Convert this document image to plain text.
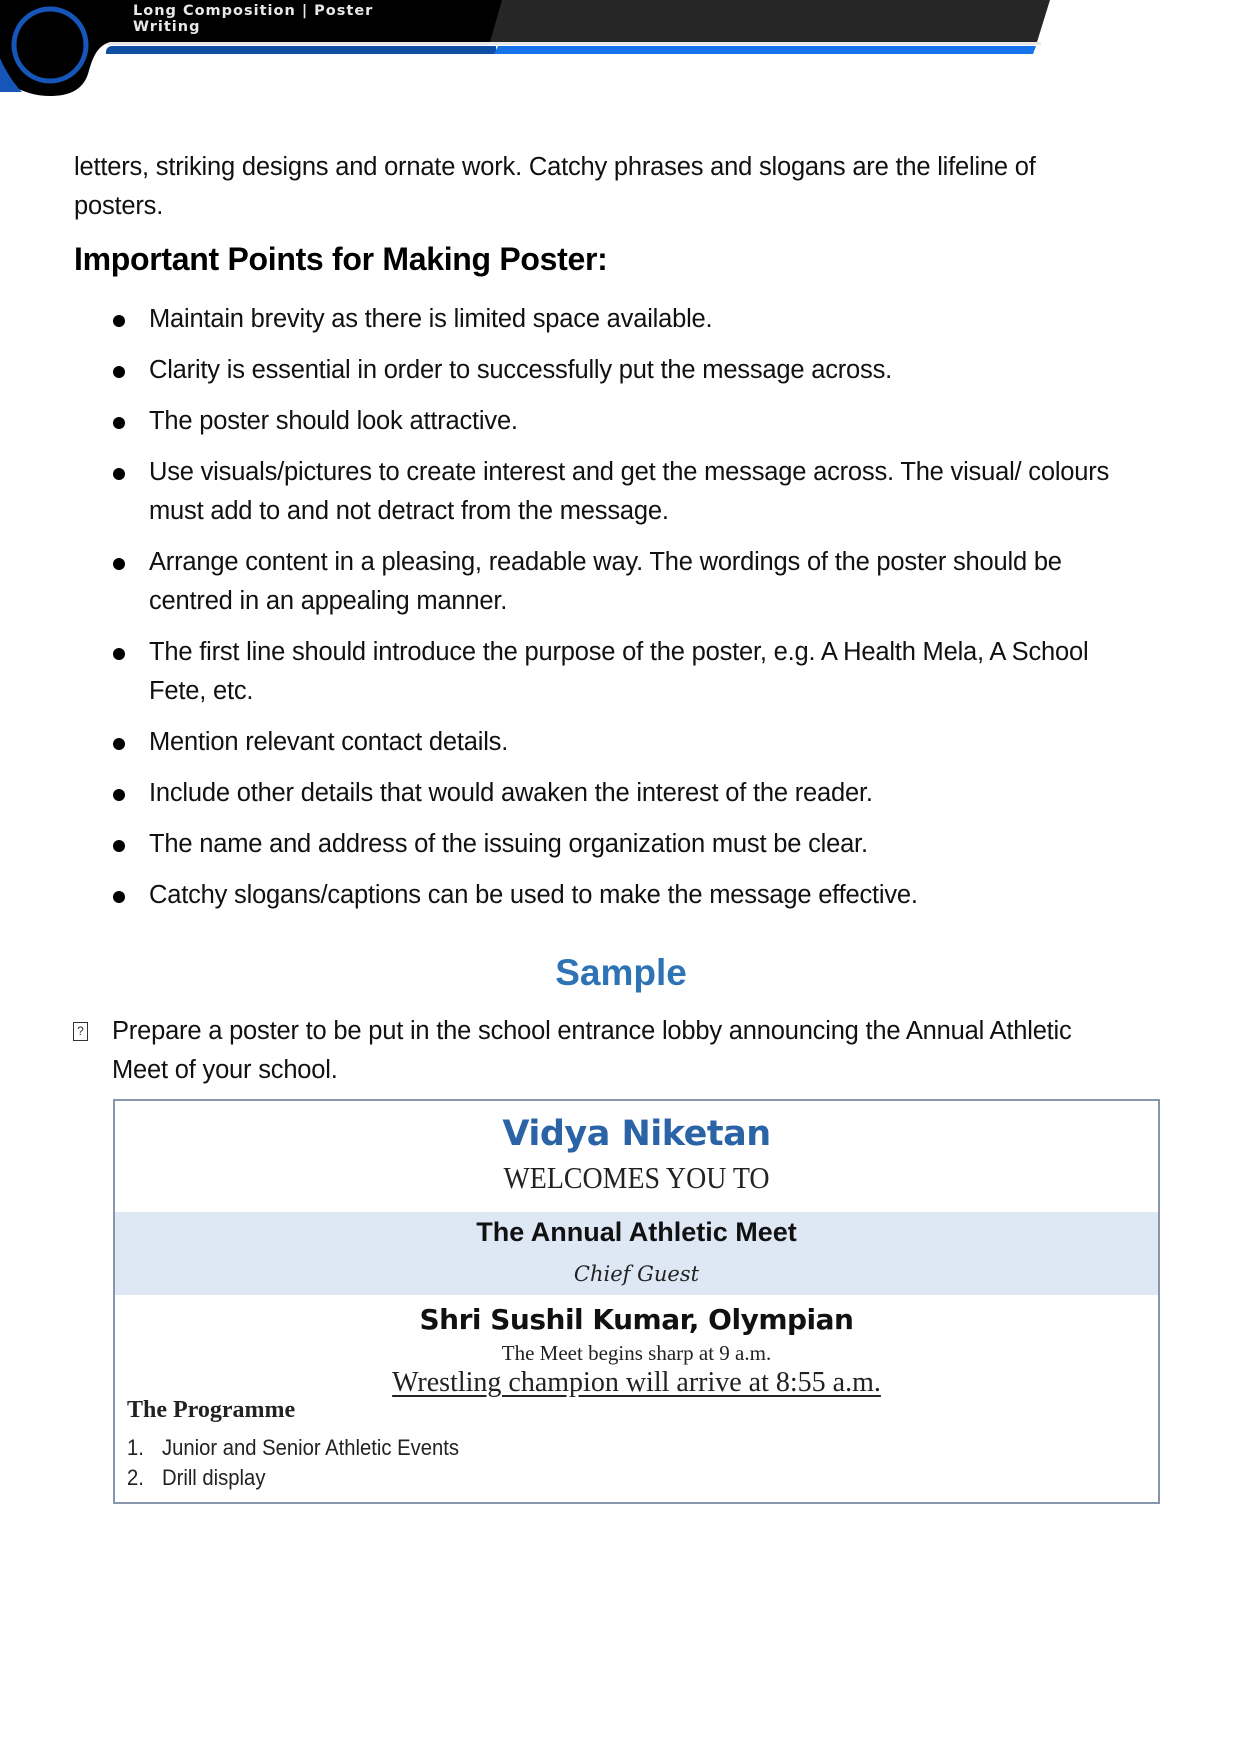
Long Composition | Poster
Writing
letters, striking designs and ornate work. Catchy phrases and slogans are the lifeline of
posters.
Important Points for Making Poster:
Maintain brevity as there is limited space available.
Clarity is essential in order to successfully put the message across.
The poster should look attractive.
Use visuals/pictures to create interest and get the message across. The visual/ colours
must add to and not detract from the message.
Arrange content in a pleasing, readable way. The wordings of the poster should be
centred in an appealing manner.
The first line should introduce the purpose of the poster, e.g. A Health Mela, A School
Fete, etc.
Mention relevant contact details.
Include other details that would awaken the interest of the reader.
The name and address of the issuing organization must be clear.
Catchy slogans/captions can be used to make the message effective.
Sample
? Prepare a poster to be put in the school entrance lobby announcing the Annual Athletic
Meet of your school.
Vidya Niketan
WELCOMES YOU TO
The Annual Athletic Meet
Chief Guest
Shri Sushil Kumar, Olympian
The Meet begins sharp at 9 a.m.
Wrestling champion will arrive at 8:55 a.m.
The Programme
1. Junior and Senior Athletic Events
2. Drill display
